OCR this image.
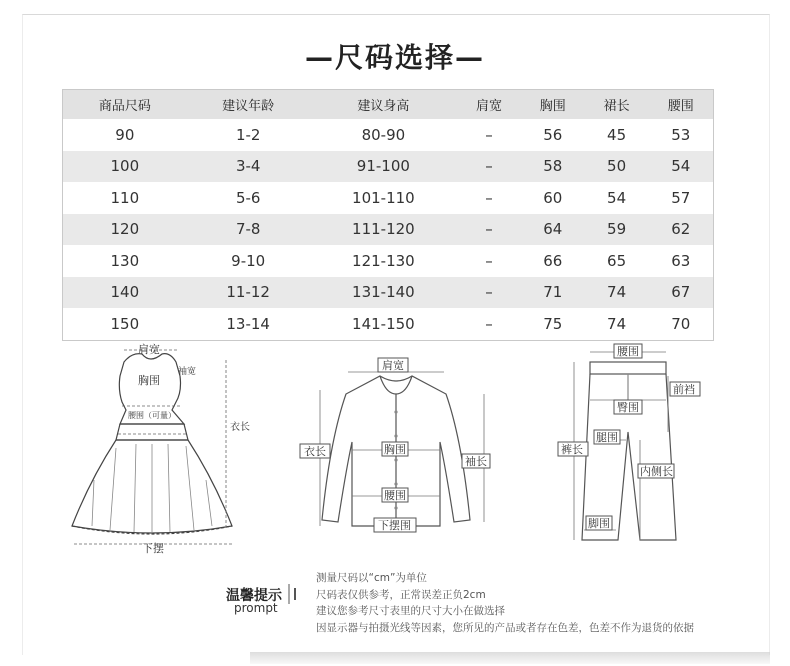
—尺码选择—
商品尺码	建议年龄	建议身高	肩宽	胸围	裙长	腰围
90	1-2	80-90	–	56	45	53
100	3-4	91-100	–	58	50	54
110	5-6	101-110	–	60	54	57
120	7-8	111-120	–	64	59	62
130	9-10	121-130	–	66	65	63
140	11-12	131-140	–	71	74	67
150	13-14	141-150	–	75	74	70
肩宽
胸围
袖宽
腰围（可量）
衣长
下摆
肩宽
衣长	胸围
袖长
腰围
下摆围
腰围
前裆
臀围
裤长
腿围
内侧长
脚围
温馨提示
prompt
测量尺码以“cm”为单位
尺码表仅供参考，正常误差正负2cm
建议您参考尺寸表里的尺寸大小在做选择
因显示器与拍摄光线等因素，您所见的产品或者存在色差，色差不作为退货的依据
